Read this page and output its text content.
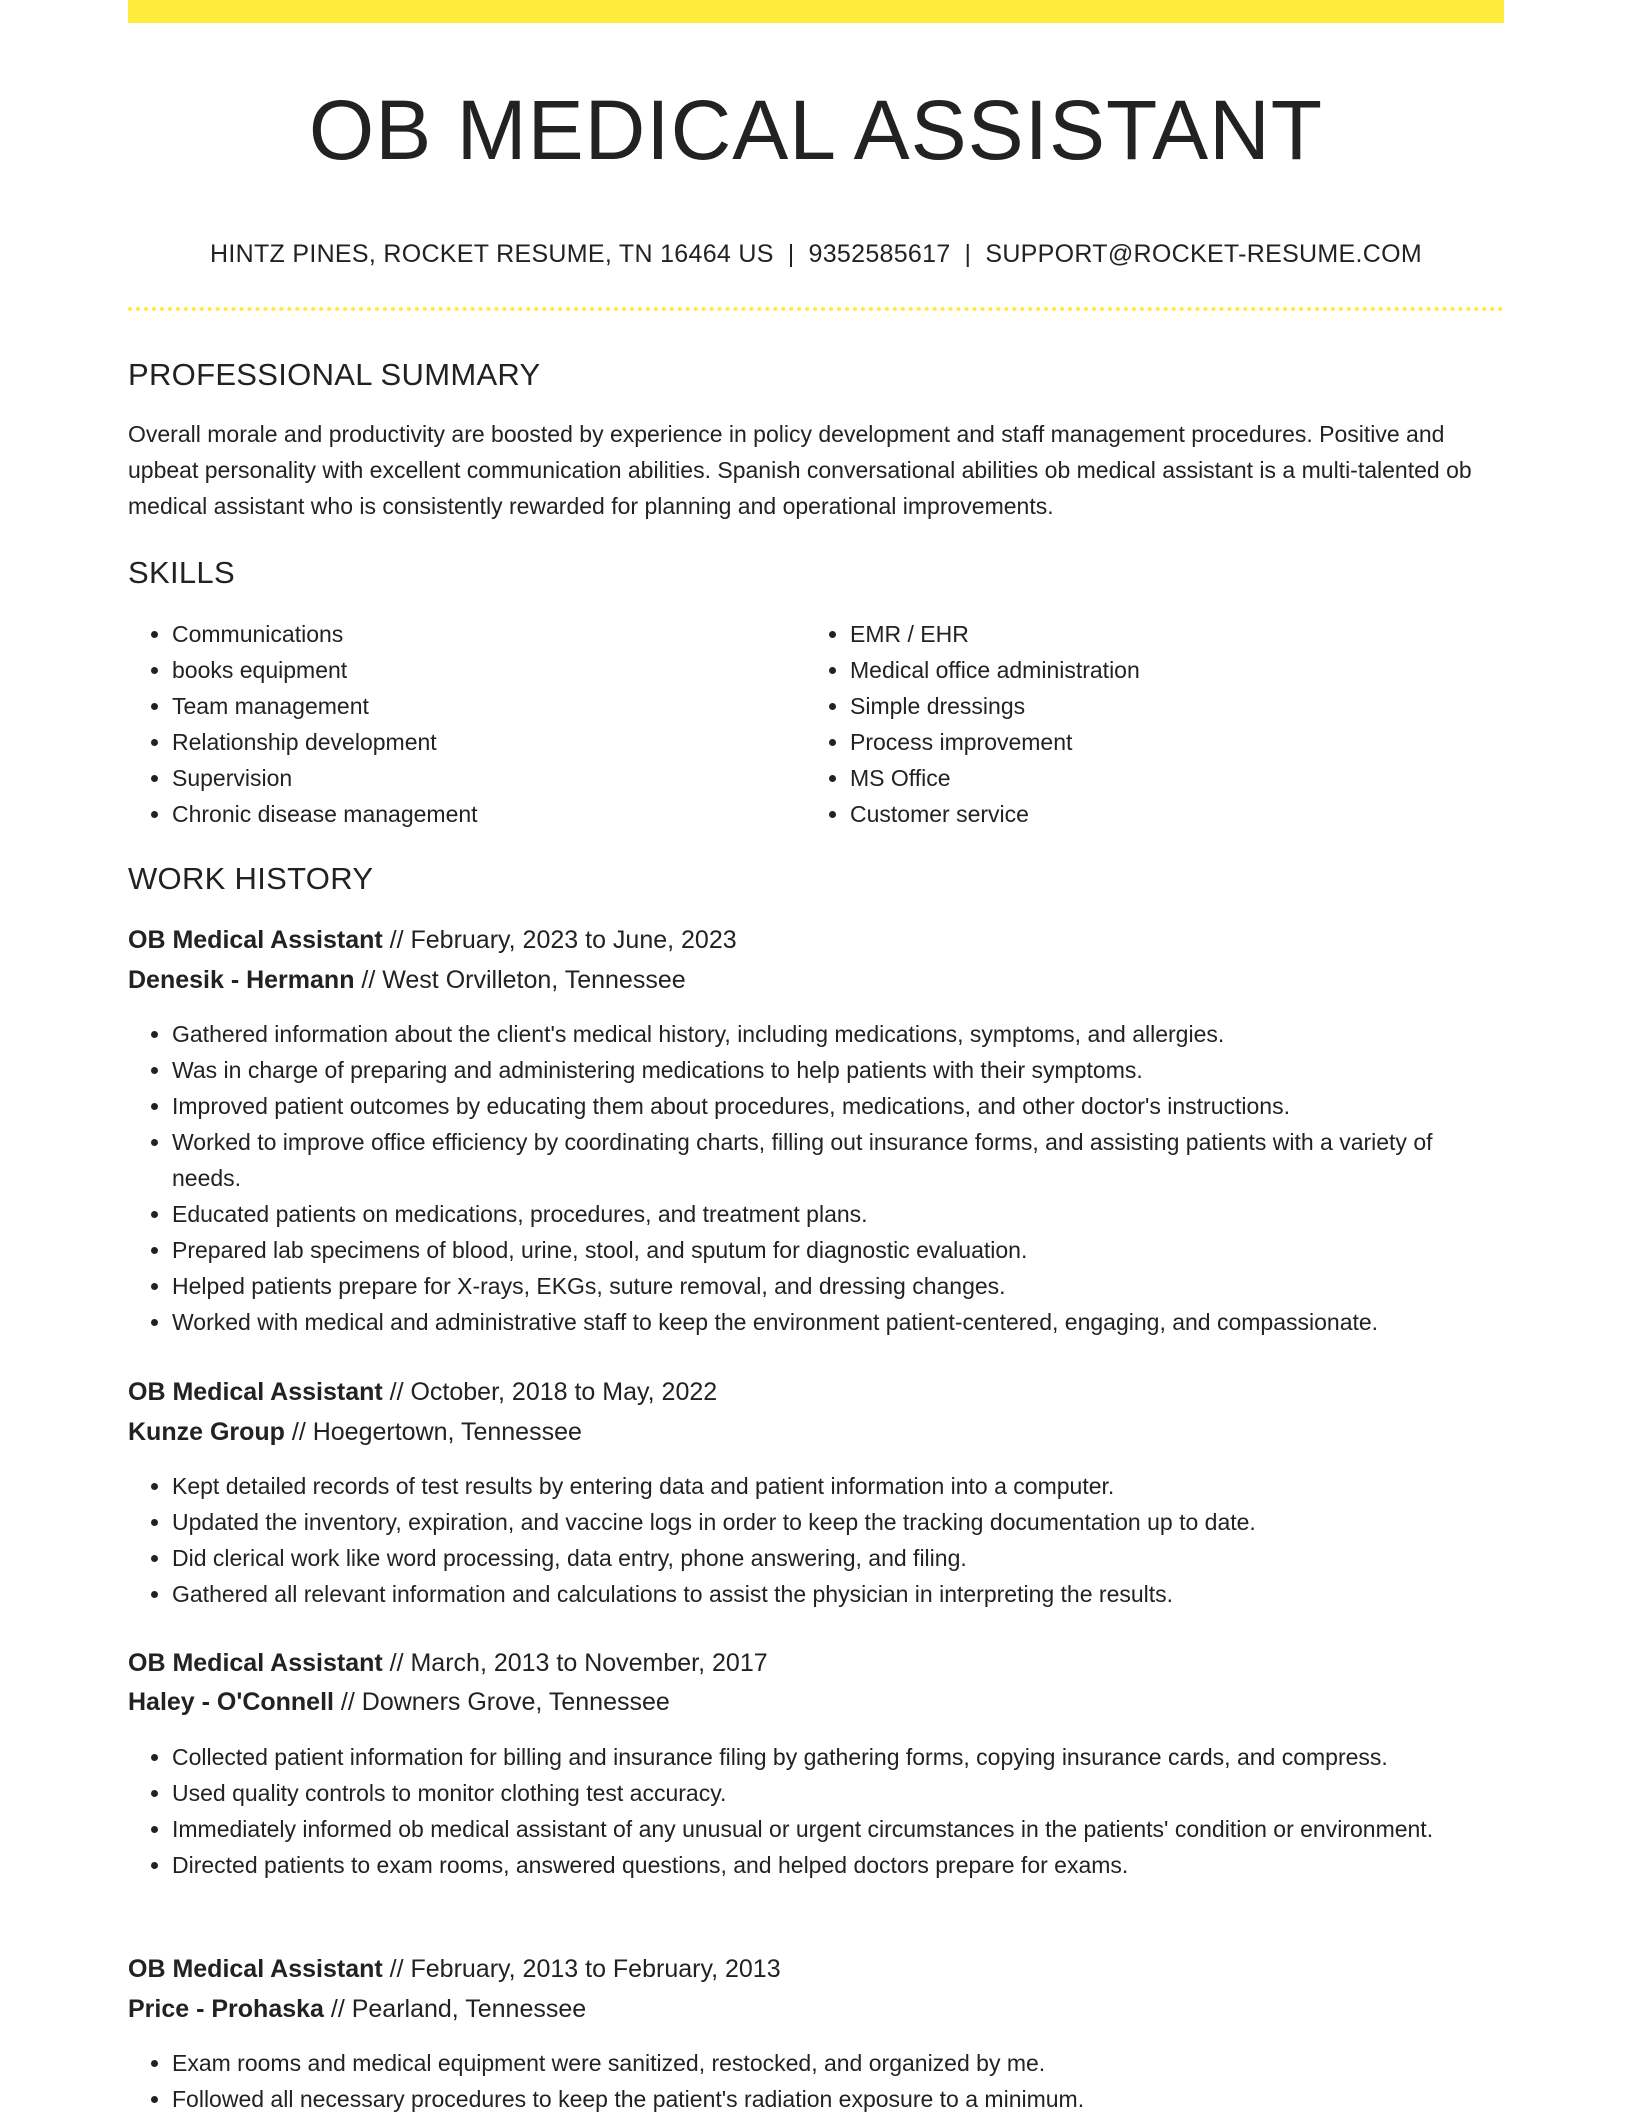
OB MEDICAL ASSISTANT
HINTZ PINES, ROCKET RESUME, TN 16464 US | 9352585617 | SUPPORT@ROCKET-RESUME.COM
PROFESSIONAL SUMMARY

Overall morale and productivity are boosted by experience in policy development and staff management procedures. Positive and upbeat personality with excellent communication abilities. Spanish conversational abilities ob medical assistant is a multi-talented ob medical assistant who is consistently rewarded for planning and operational improvements.

SKILLS
• Communications
• books equipment
• Team management
• Relationship development
• Supervision
• Chronic disease management
• EMR / EHR
• Medical office administration
• Simple dressings
• Process improvement
• MS Office
• Customer service
WORK HISTORY
OB Medical Assistant // February, 2023 to June, 2023
Denesik - Hermann // West Orvilleton, Tennessee
• Gathered information about the client's medical history, including medications, symptoms, and allergies.
• Was in charge of preparing and administering medications to help patients with their symptoms.
• Improved patient outcomes by educating them about procedures, medications, and other doctor's instructions.
• Worked to improve office efficiency by coordinating charts, filling out insurance forms, and assisting patients with a variety of needs.
• Educated patients on medications, procedures, and treatment plans.
• Prepared lab specimens of blood, urine, stool, and sputum for diagnostic evaluation.
• Helped patients prepare for X-rays, EKGs, suture removal, and dressing changes.
• Worked with medical and administrative staff to keep the environment patient-centered, engaging, and compassionate.
OB Medical Assistant // October, 2018 to May, 2022
Kunze Group // Hoegertown, Tennessee
• Kept detailed records of test results by entering data and patient information into a computer.
• Updated the inventory, expiration, and vaccine logs in order to keep the tracking documentation up to date.
• Did clerical work like word processing, data entry, phone answering, and filing.
• Gathered all relevant information and calculations to assist the physician in interpreting the results.
OB Medical Assistant // March, 2013 to November, 2017
Haley - O'Connell // Downers Grove, Tennessee
• Collected patient information for billing and insurance filing by gathering forms, copying insurance cards, and compress.
• Used quality controls to monitor clothing test accuracy.
• Immediately informed ob medical assistant of any unusual or urgent circumstances in the patients' condition or environment.
• Directed patients to exam rooms, answered questions, and helped doctors prepare for exams.
OB Medical Assistant // February, 2013 to February, 2013
Price - Prohaska // Pearland, Tennessee
• Exam rooms and medical equipment were sanitized, restocked, and organized by me.
• Followed all necessary procedures to keep the patient's radiation exposure to a minimum.
